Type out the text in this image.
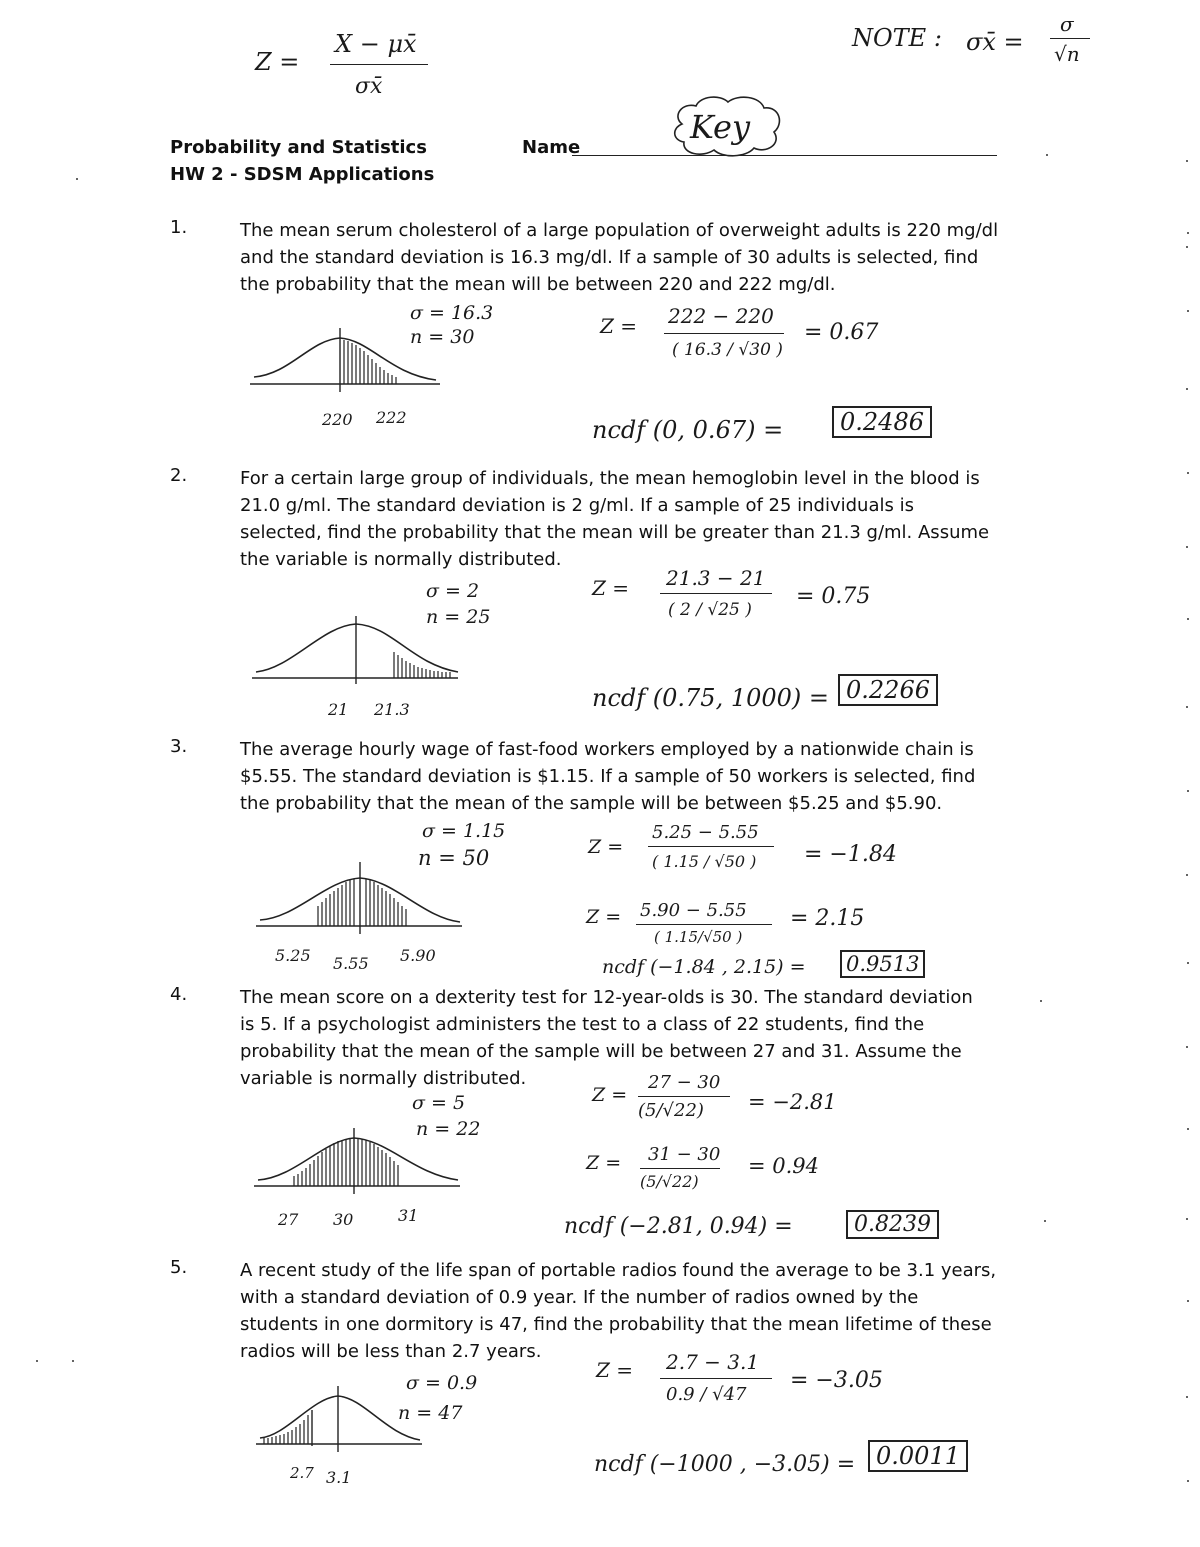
Z =
X − μx̄
σx̄
NOTE : σx̄ =
σ
√n
Probability and Statistics
HW 2 - SDSM Applications
Name
Key
1.	The mean serum cholesterol of a large population of overweight adults is 220 mg/dl
and the standard deviation is 16.3 mg/dl. If a sample of 30 adults is selected, find
the probability that the mean will be between 220 and 222 mg/dl.
σ = 16.3
n = 30
220 222
Z = 222 − 220
( 16.3 / √30 )
= 0.67
ncdf (0, 0.67) =	0.2486
2.	For a certain large group of individuals, the mean hemoglobin level in the blood is
21.0 g/ml. The standard deviation is 2 g/ml. If a sample of 25 individuals is
selected, find the probability that the mean will be greater than 21.3 g/ml. Assume
the variable is normally distributed.
σ = 2
n = 25
21 21.3
Z = 21.3 − 21
( 2 / √25 )
= 0.75
ncdf (0.75, 1000) = 0.2266
3.	The average hourly wage of fast-food workers employed by a nationwide chain is
$5.55. The standard deviation is $1.15. If a sample of 50 workers is selected, find
the probability that the mean of the sample will be between $5.25 and $5.90.
σ = 1.15
n = 50
5.25 5.55 5.90
Z =
5.25 − 5.55
( 1.15 / √50 ) = −1.84
Z = 5.90 − 5.55
( 1.15/√50 )
= 2.15
ncdf (−1.84 , 2.15) = 0.9513
4.	The mean score on a dexterity test for 12-year-olds is 30. The standard deviation
is 5. If a psychologist administers the test to a class of 22 students, find the
probability that the mean of the sample will be between 27 and 31. Assume the
variable is normally distributed.
σ = 5
n = 22
27 30	31
Z =
27 − 30
(5/√22) = −2.81
Z = 31 − 30
(5/√22)
= 0.94
ncdf (−2.81, 0.94) =	0.8239
5.	A recent study of the life span of portable radios found the average to be 3.1 years,
with a standard deviation of 0.9 year. If the number of radios owned by the
students in one dormitory is 47, find the probability that the mean lifetime of these
radios will be less than 2.7 years.
σ = 0.9
n = 47
2.7 3.1
Z = 2.7 − 3.1
0.9 / √47
= −3.05
ncdf (−1000 , −3.05) = 0.0011
